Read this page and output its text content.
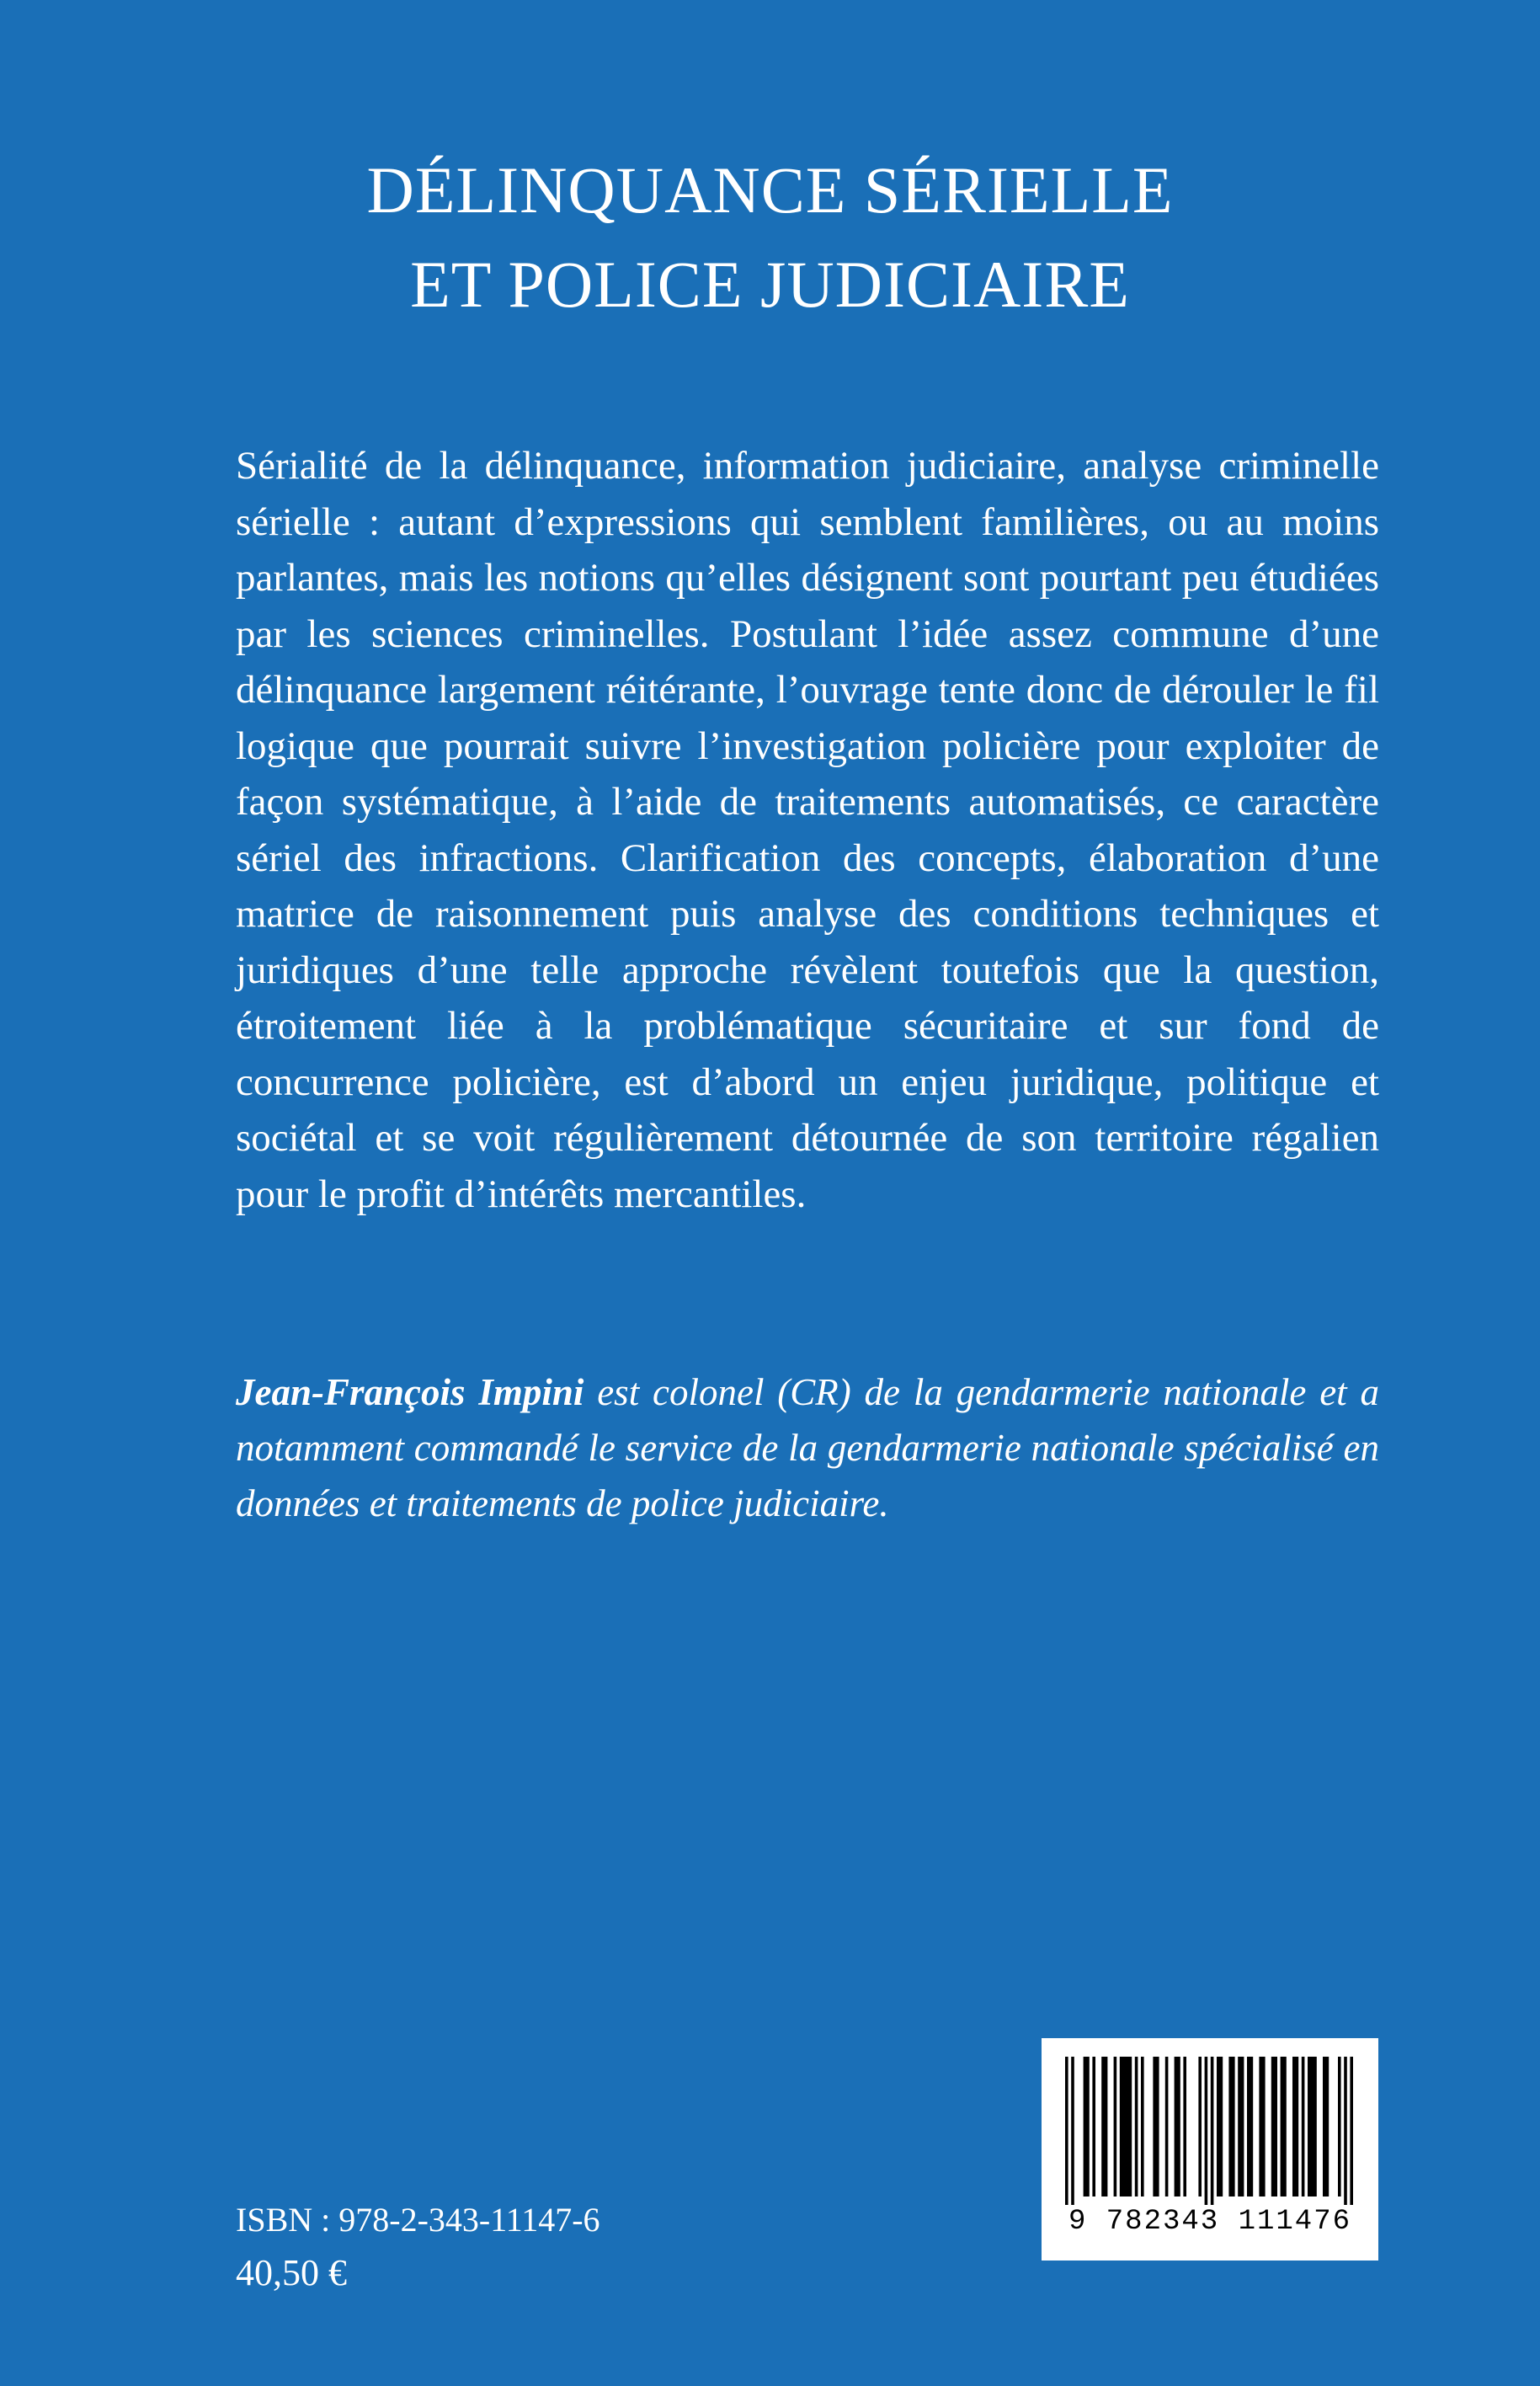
DÉLINQUANCE SÉRIELLE
ET POLICE JUDICIAIRE

Sérialité de la délinquance, information judiciaire, analyse criminelle sérielle : autant d’expressions qui semblent familières, ou au moins parlantes, mais les notions qu’elles désignent sont pourtant peu étudiées par les sciences criminelles. Postulant l’idée assez commune d’une délinquance largement réitérante, l’ouvrage tente donc de dérouler le fil logique que pourrait suivre l’investigation policière pour exploiter de façon systématique, à l’aide de traitements automatisés, ce caractère sériel des infractions. Clarification des concepts, élaboration d’une matrice de raisonnement puis analyse des conditions techniques et juridiques d’une telle approche révèlent toutefois que la question, étroitement liée à la problématique sécuritaire et sur fond de concurrence policière, est d’abord un enjeu juridique, politique et sociétal et se voit régulièrement détournée de son territoire régalien pour le profit d’intérêts mercantiles.

Jean-François Impini est colonel (CR) de la gendarmerie nationale et a notamment commandé le service de la gendarmerie nationale spécialisé en données et traitements de police judiciaire.

9 782343 111476
ISBN : 978-2-343-11147-6
40,50 €
